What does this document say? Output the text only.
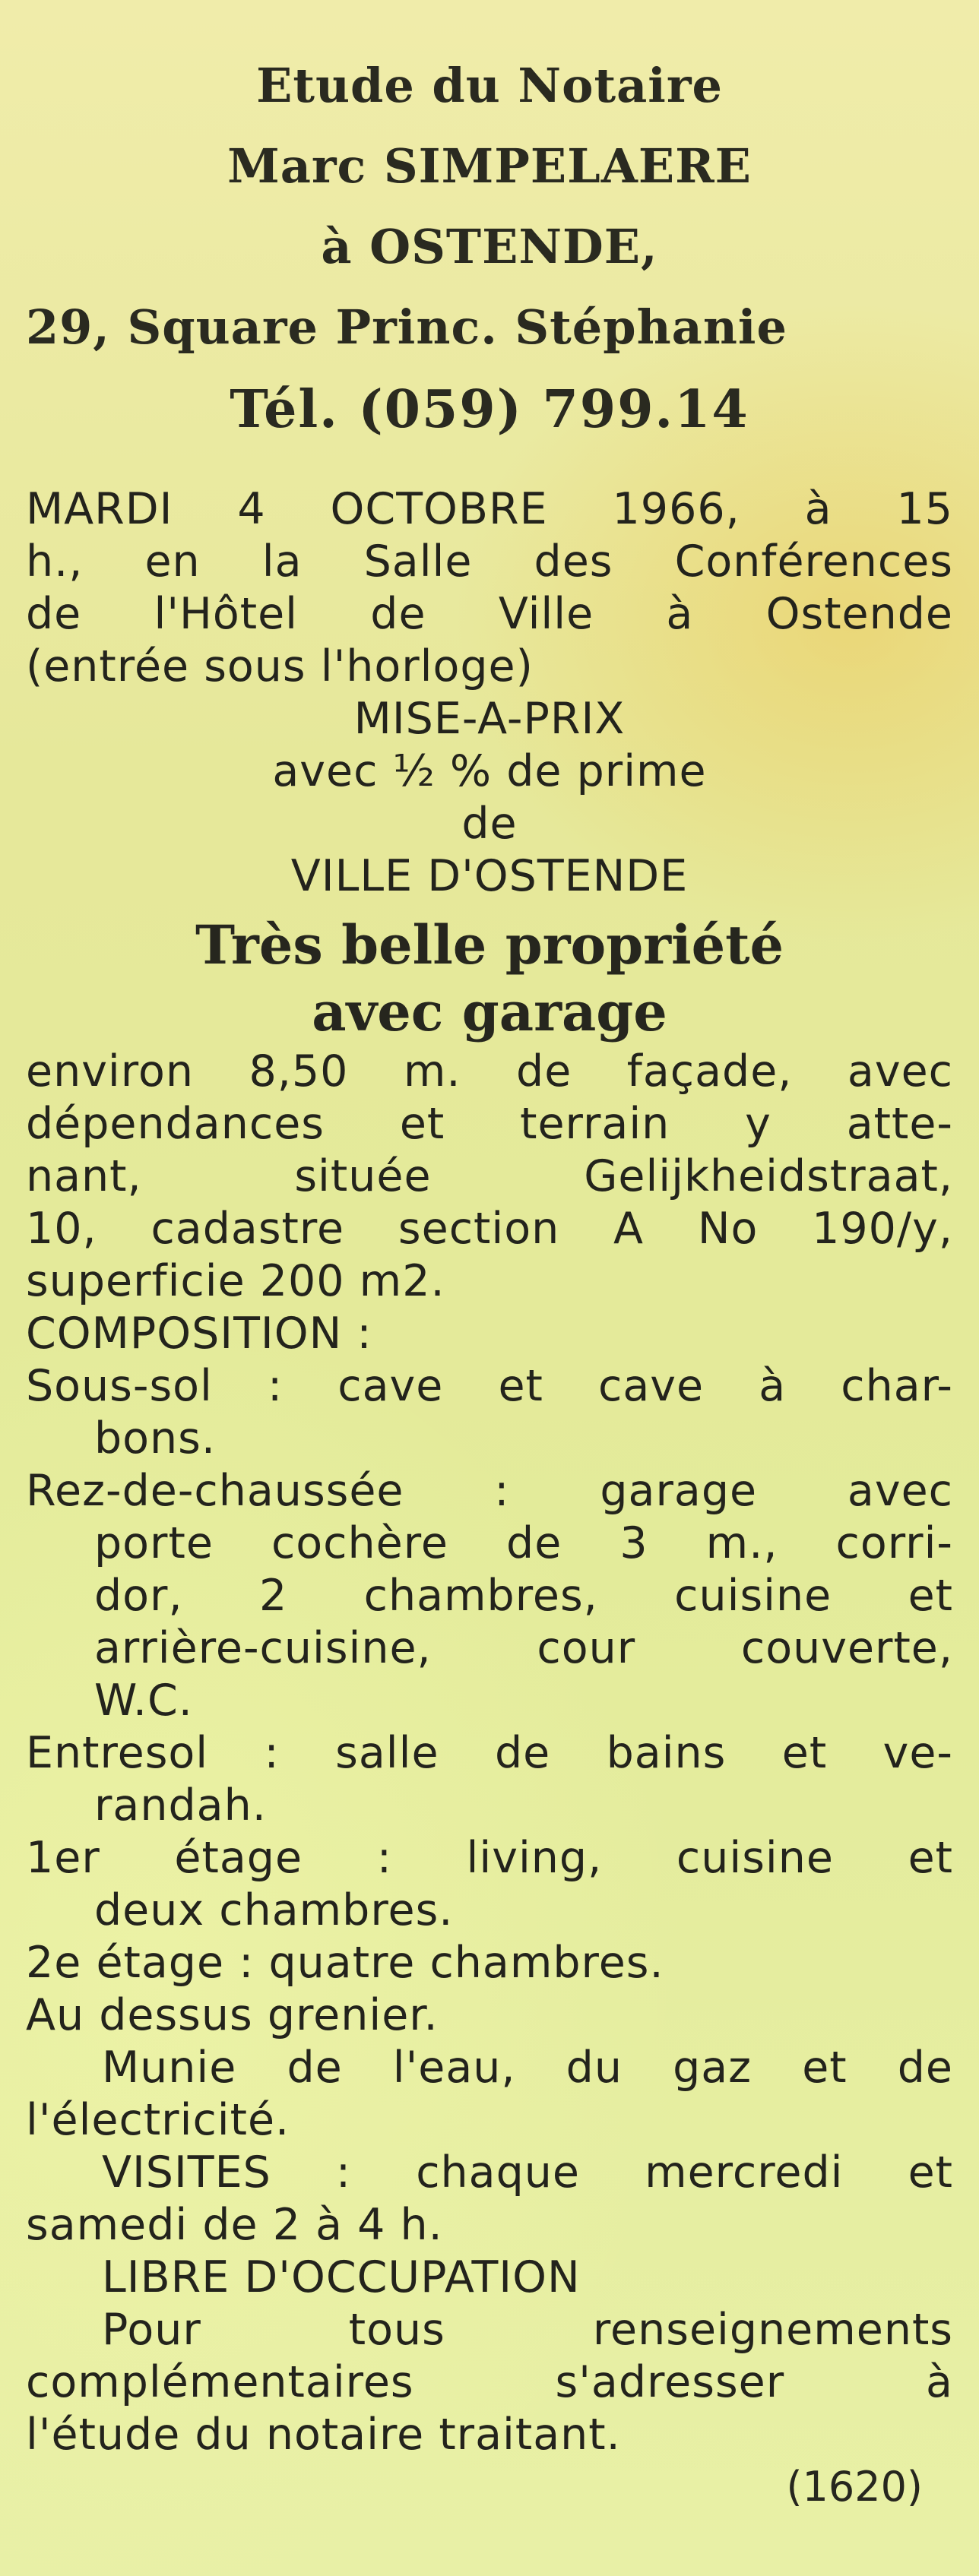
Etude du Notaire
Marc SIMPELAERE
à OSTENDE,
29, Square Princ. Stéphanie
Tél. (059) 799.14
MARDI 4 OCTOBRE 1966, à 15
h., en la Salle des Conférences
de l'Hôtel de Ville à Ostende
(entrée sous l'horloge)
MISE-A-PRIX
avec ½ % de prime
de
VILLE D'OSTENDE
Très belle propriété
avec garage
environ 8,50 m. de façade, avec
dépendances et terrain y atte-
nant, située Gelijkheidstraat,
10, cadastre section A No 190/y,
superficie 200 m2.
COMPOSITION :
Sous-sol : cave et cave à char-
bons.
Rez-de-chaussée : garage avec
porte cochère de 3 m., corri-
dor, 2 chambres, cuisine et
arrière-cuisine, cour couverte,
W.C.
Entresol : salle de bains et ve-
randah.
1er étage : living, cuisine et
deux chambres.
2e étage : quatre chambres.
Au dessus grenier.
Munie de l'eau, du gaz et de
l'électricité.
VISITES : chaque mercredi et
samedi de 2 à 4 h.
LIBRE D'OCCUPATION
Pour tous renseignements
complémentaires s'adresser à
l'étude du notaire traitant.
(1620)
